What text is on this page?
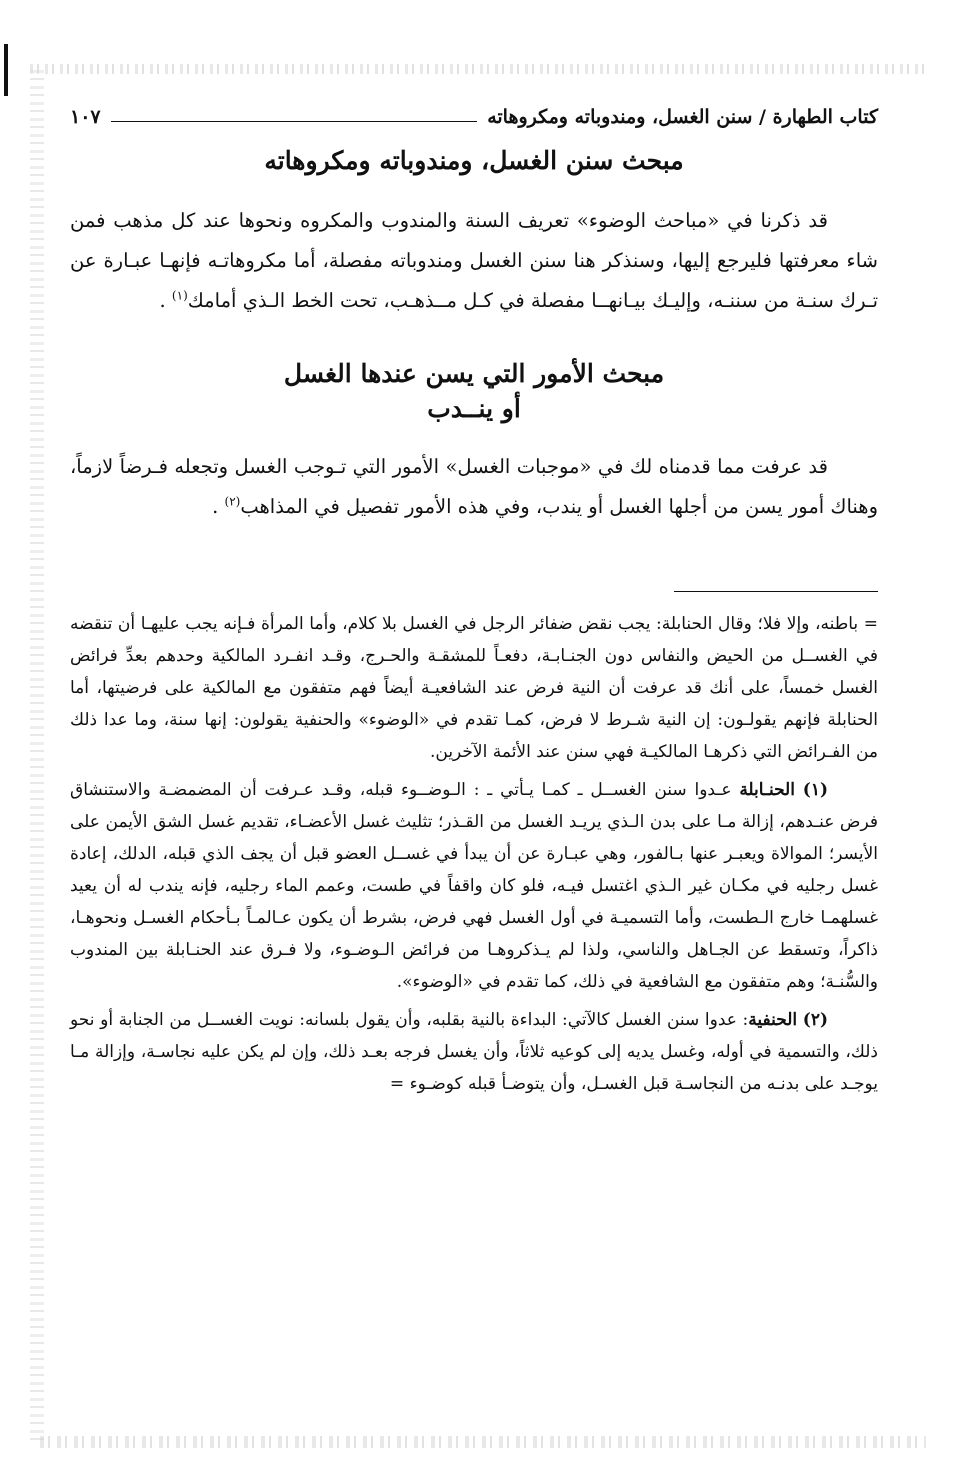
كتاب الطهارة / سنن الغسل، ومندوباته ومكروهاته
١٠٧
مبحث سنن الغسل، ومندوباته ومكروهاته

قد ذكرنا في «مباحث الوضوء» تعريف السنة والمندوب والمكروه ونحوها عند كل مذهب فمن شاء معرفتها فليرجع إليها، وسنذكر هنا سنن الغسل ومندوباته مفصلة، أما مكروهاتـه فإنهـا عبـارة عن تـرك سنـة من سننـه، وإليـك بيـانهــا مفصلة في كـل مــذهـب، تحت الخط الـذي أمامك$^{(١)}$ .

مبحث الأمور التي يسن عندها الغسل
أو ينــدب

قد عرفت مما قدمناه لك في «موجبات الغسل» الأمور التي تـوجب الغسل وتجعله فـرضاً لازماً، وهناك أمور يسن من أجلها الغسل أو يندب، وفي هذه الأمور تفصيل في المذاهب$^{(٢)}$ .

= باطنه، وإلا فلا؛ وقال الحنابلة: يجب نقض ضفائر الرجل في الغسل بلا كلام، وأما المرأة فـإنه يجب عليهـا أن تنقضه في الغســل من الحيض والنفاس دون الجنـابـة، دفعـاً للمشقـة والحـرج، وقـد انفـرد المالكية وحدهم بعدِّ فرائض الغسل خمساً، على أنك قد عرفت أن النية فرض عند الشافعيـة أيضاً فهم متفقون مع المالكية على فرضيتها، أما الحنابلة فإنهم يقولـون: إن النية شـرط لا فرض، كمـا تقدم في «الوضوء» والحنفية يقولون: إنها سنة، وما عدا ذلك من الفـرائض التي ذكرهـا المالكيـة فهي سنن عند الأئمة الآخرين.

(١) الحنـابلة عـدوا سنن الغســل ـ كمـا يـأتي ـ : الـوضــوء قبله، وقـد عـرفت أن المضمضـة والاستنشاق فرض عنـدهم، إزالة مـا على بدن الـذي يريـد الغسل من القـذر؛ تثليث غسل الأعضـاء، تقديم غسل الشق الأيمن على الأيسر؛ الموالاة ويعبـر عنها بـالفور، وهي عبـارة عن أن يبدأ في غســل العضو قبل أن يجف الذي قبله، الدلك، إعادة غسل رجليه في مكـان غير الـذي اغتسل فيـه، فلو كان واقفاً في طست، وعمم الماء رجليه، فإنه يندب له أن يعيد غسلهمـا خارج الـطست، وأما التسميـة في أول الغسل فهي فرض، بشرط أن يكون عـالمـاً بـأحكام الغسـل ونحوهـا، ذاكراً، وتسقط عن الجـاهل والناسي، ولذا لم يـذكروهـا من فرائض الـوضـوء، ولا فـرق عند الحنـابلة بين المندوب والسُّنـة؛ وهم متفقون مع الشافعية في ذلك، كما تقدم في «الوضوء».

(٢) الحنفية: عدوا سنن الغسل كالآتي: البداءة بالنية بقلبه، وأن يقول بلسانه: نويت الغســل من الجنابة أو نحو ذلك، والتسمية في أوله، وغسل يديه إلى كوعيه ثلاثاً، وأن يغسل فرجه بعـد ذلك، وإن لم يكن عليه نجاسـة، وإزالة مـا يوجـد على بدنـه من النجاسـة قبل الغسـل، وأن يتوضـأ قبله كوضـوء =
